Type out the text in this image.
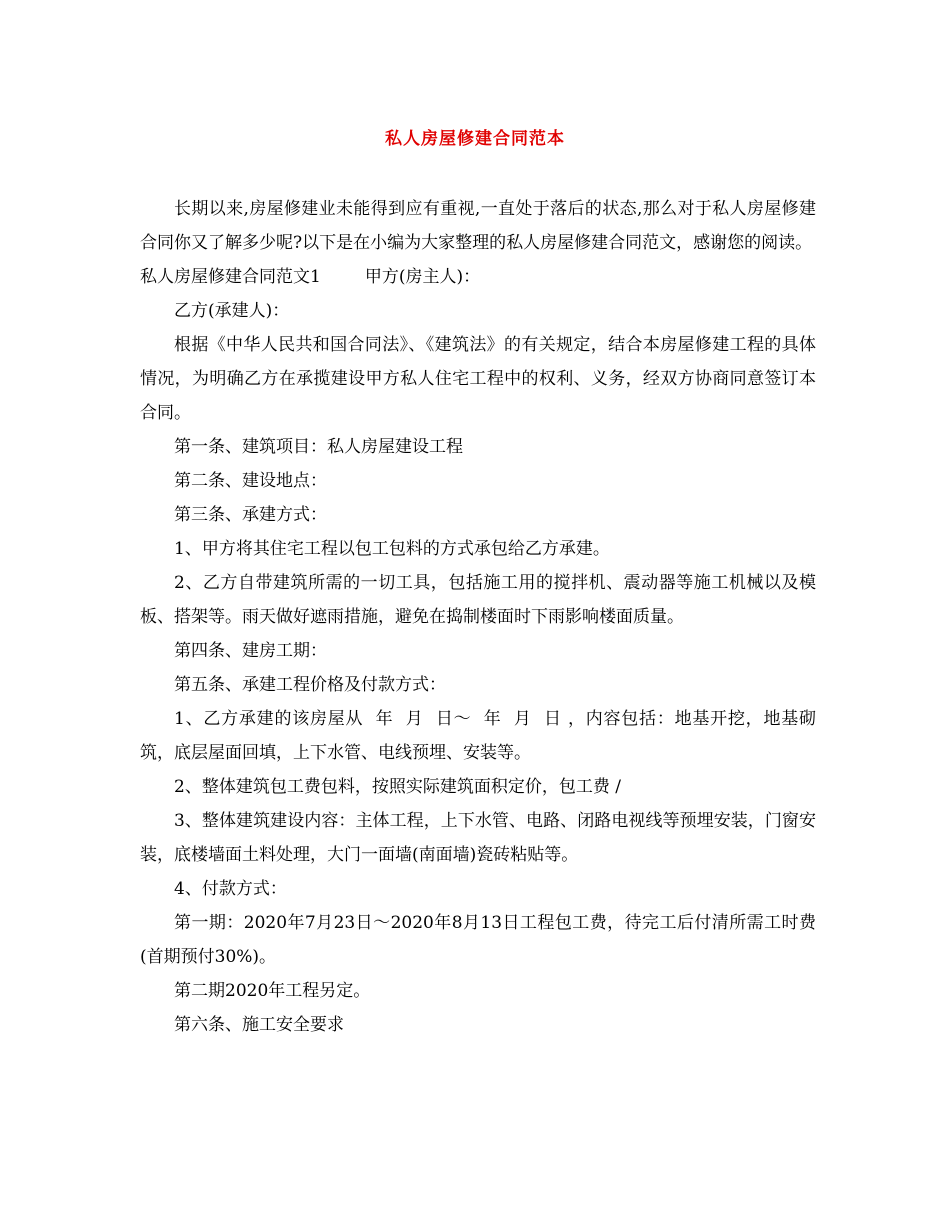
私人房屋修建合同范本

长期以来,房屋修建业未能得到应有重视,一直处于落后的状态,那么对于私人房屋修建合同你又了解多少呢?以下是在小编为大家整理的私人房屋修建合同范文，感谢您的阅读。

私人房屋修建合同范文1	甲方(房主人)：

乙方(承建人)：

根据《中华人民共和国合同法》、《建筑法》的有关规定，结合本房屋修建工程的具体情况，为明确乙方在承揽建设甲方私人住宅工程中的权利、义务，经双方协商同意签订本合同。

第一条、建筑项目：私人房屋建设工程

第二条、建设地点：

第三条、承建方式：

1、甲方将其住宅工程以包工包料的方式承包给乙方承建。

2、乙方自带建筑所需的一切工具，包括施工用的搅拌机、震动器等施工机械以及模板、搭架等。雨天做好遮雨措施，避免在捣制楼面时下雨影响楼面质量。

第四条、建房工期：

第五条、承建工程价格及付款方式：

1、乙方承建的该房屋从  年  月  日～  年  月  日 ，内容包括：地基开挖，地基砌筑，底层屋面回填，上下水管、电线预埋、安装等。

2、整体建筑包工费包料，按照实际建筑面积定价，包工费 /

3、整体建筑建设内容：主体工程，上下水管、电路、闭路电视线等预埋安装，门窗安装，底楼墙面土料处理，大门一面墙(南面墙)瓷砖粘贴等。

4、付款方式：

第一期：2020年7月23日～2020年8月13日工程包工费，待完工后付清所需工时费(首期预付30%)。

第二期2020年工程另定。

第六条、施工安全要求
